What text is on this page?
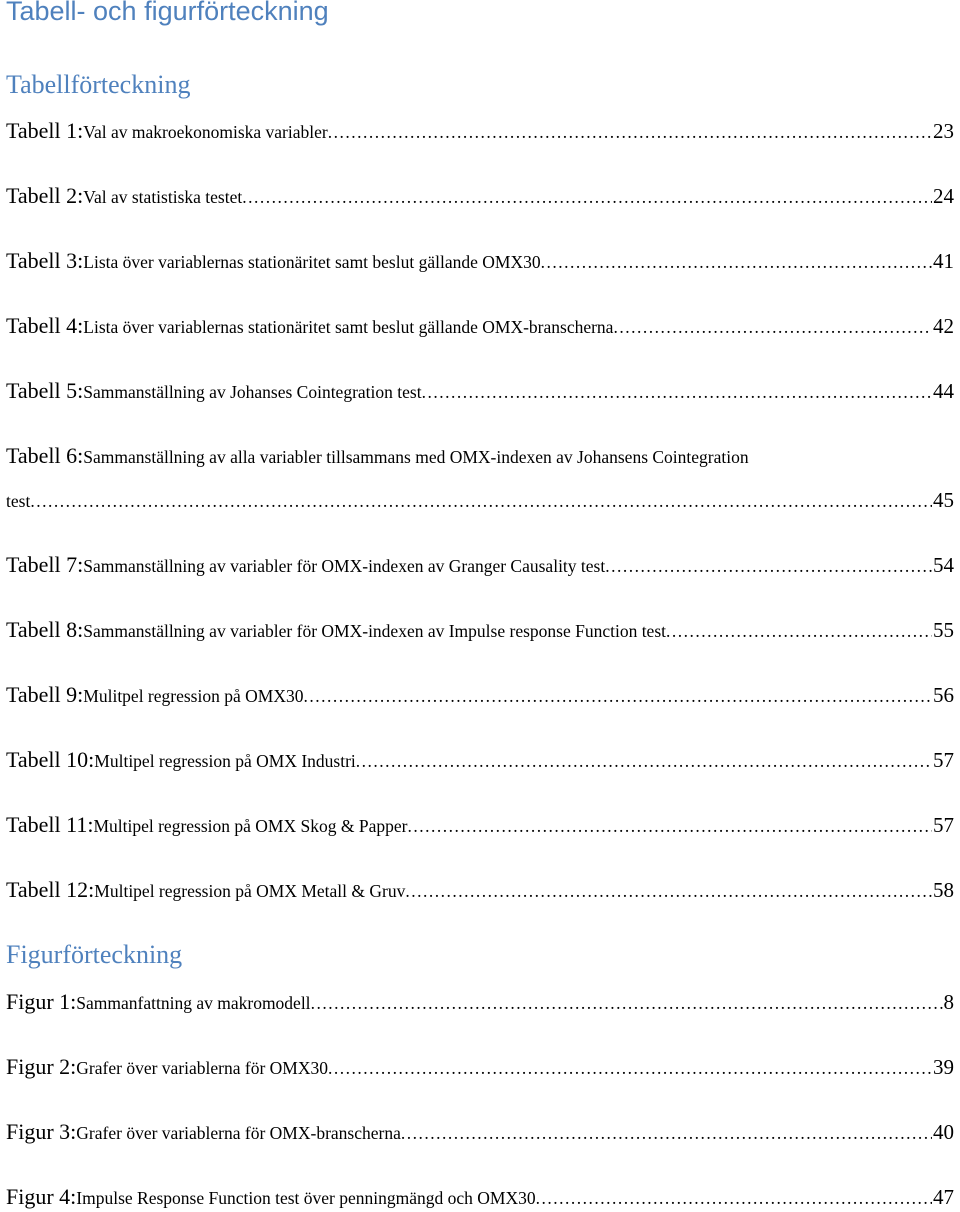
Tabell- och figurförteckning
Tabellförteckning
Tabell 1: Val av makroekonomiska variabler .....	23
Tabell 2: Val av statistiska testet .....	24
Tabell 3: Lista över variablernas stationäritet samt beslut gällande OMX30 .....	41
Tabell 4: Lista över variablernas stationäritet samt beslut gällande OMX-branscherna .....	42
Tabell 5: Sammanställning av Johanses Cointegration test .....	44
Tabell 6: Sammanställning av alla variabler tillsammans med OMX-indexen av Johansens Cointegration
test .....	45
Tabell 7: Sammanställning av variabler för OMX-indexen av Granger Causality test .....	54
Tabell 8: Sammanställning av variabler för OMX-indexen av Impulse response Function test .....	55
Tabell 9: Mulitpel regression på OMX30 .....	56
Tabell 10: Multipel regression på OMX Industri .....	57
Tabell 11: Multipel regression på OMX Skog & Papper .....	57
Tabell 12: Multipel regression på OMX Metall & Gruv .....	58
Figurförteckning
Figur 1: Sammanfattning av makromodell .....	8
Figur 2: Grafer över variablerna för OMX30 .....	39
Figur 3: Grafer över variablerna för OMX-branscherna .....	40
Figur 4: Impulse Response Function test över penningmängd och OMX30 .....	47
